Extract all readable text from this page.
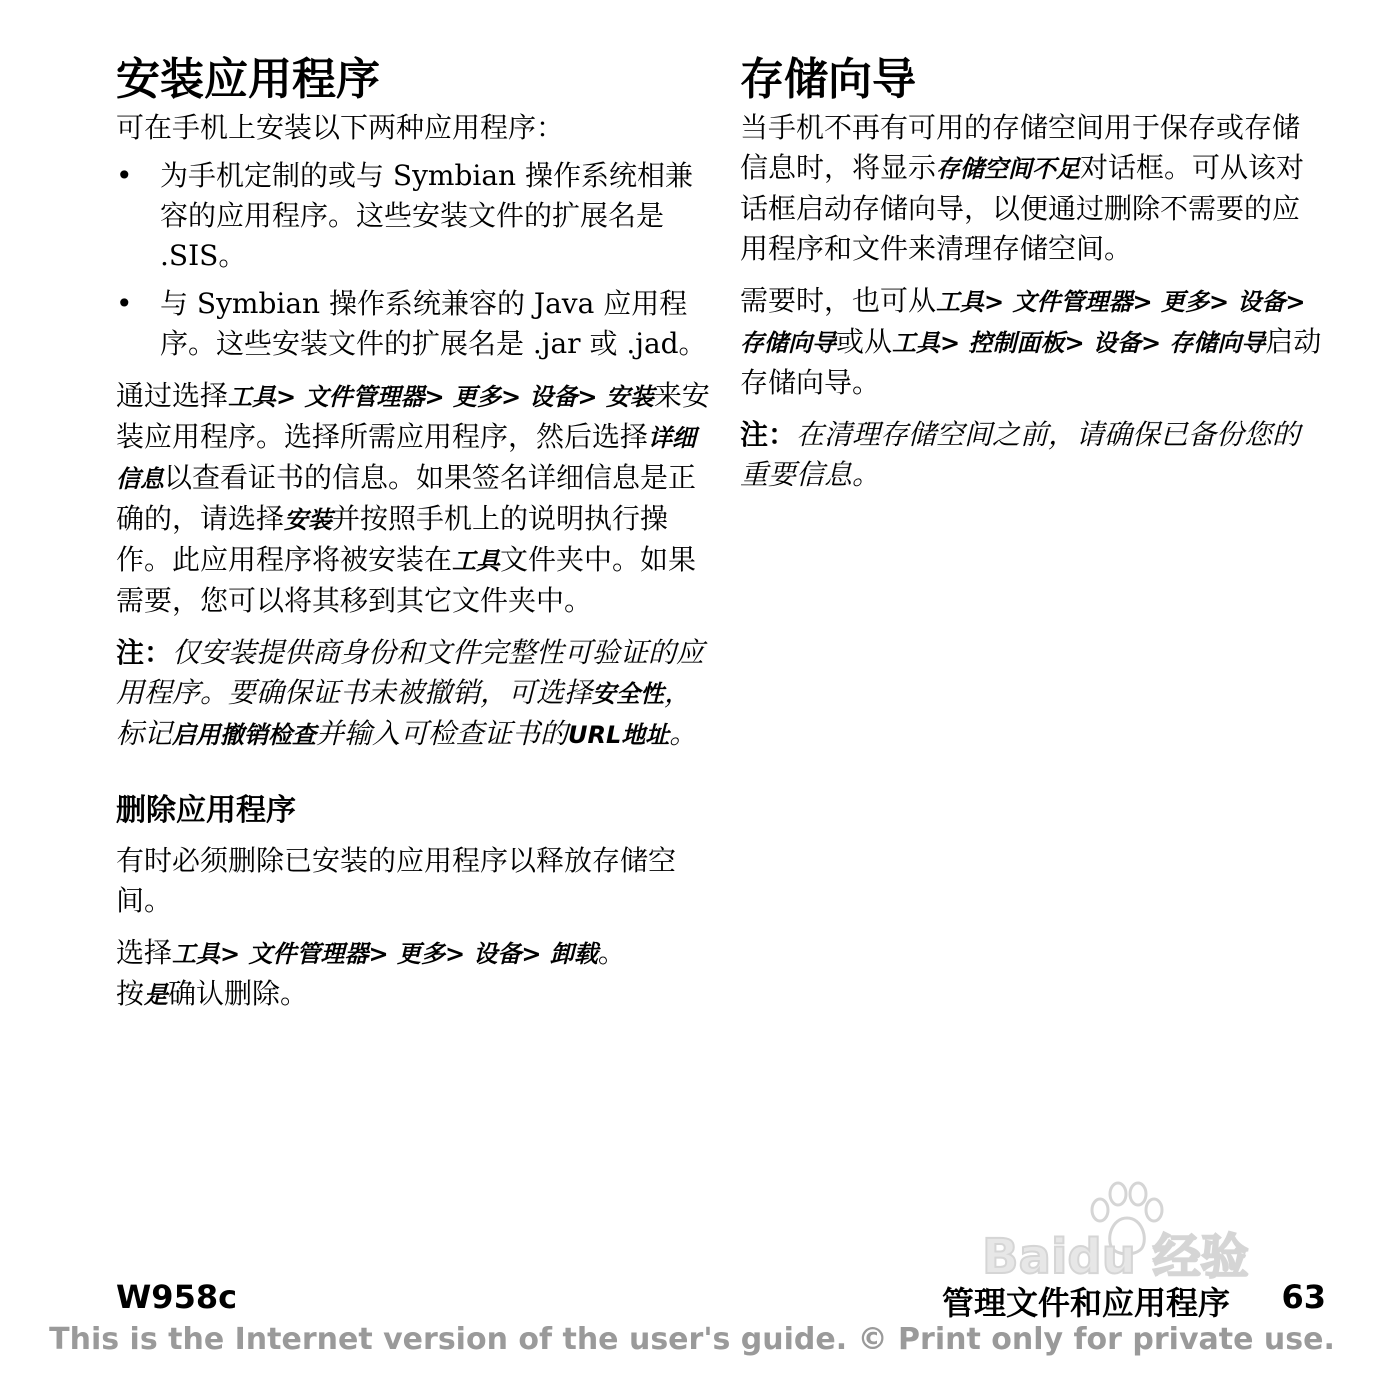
安装应用程序

可在手机上安装以下两种应用程序：

• 为手机定制的或与 Symbian 操作系统相兼容的应用程序。这些安装文件的扩展名是 .SIS。
• 与 Symbian 操作系统兼容的 Java 应用程序。这些安装文件的扩展名是 .jar 或 .jad。

通过选择工具> 文件管理器> 更多> 设备> 安装来安装应用程序。选择所需应用程序，然后选择详细信息以查看证书的信息。如果签名详细信息是正确的，请选择安装并按照手机上的说明执行操作。此应用程序将被安装在工具文件夹中。如果需要，您可以将其移到其它文件夹中。

注：仅安装提供商身份和文件完整性可验证的应用程序。要确保证书未被撤销，可选择安全性，标记启用撤销检查并输入可检查证书的URL地址。

删除应用程序

有时必须删除已安装的应用程序以释放存储空间。

选择工具> 文件管理器> 更多> 设备> 卸载。
按是确认删除。

存储向导

当手机不再有可用的存储空间用于保存或存储信息时，将显示存储空间不足对话框。可从该对话框启动存储向导，以便通过删除不需要的应用程序和文件来清理存储空间。

需要时，也可从工具> 文件管理器> 更多> 设备> 存储向导或从工具> 控制面板> 设备> 存储向导启动存储向导。

注：在清理存储空间之前，请确保已备份您的重要信息。

Baidu 经验
W958c	管理文件和应用程序 63
This is the Internet version of the user's guide. © Print only for private use.
